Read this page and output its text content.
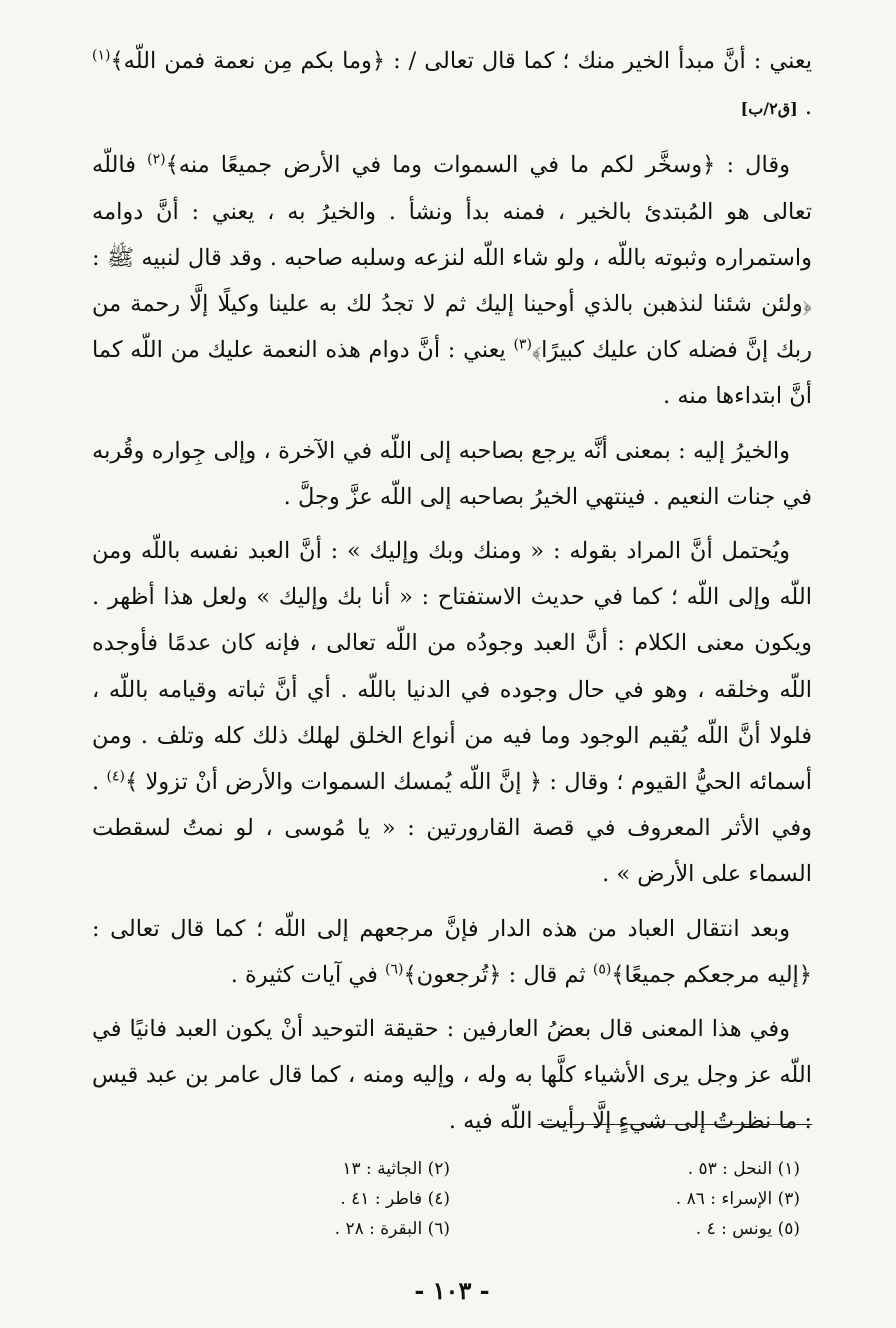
يعني : أنَّ مبدأ الخير منك ؛ كما قال تعالى / : ﴿وما بكم مِن نعمة فمن اللّه﴾$^{(١)}$ . [ق٢/ب]

وقال : ﴿وسخَّر لكم ما في السموات وما في الأرض جميعًا منه﴾$^{(٢)}$ فاللّه تعالى هو المُبتدئ بالخير ، فمنه بدأ ونشأ . والخيرُ به ، يعني : أنَّ دوامه واستمراره وثبوته باللّه ، ولو شاء اللّه لنزعه وسلبه صاحبه . وقد قال لنبيه ﷺ : ﴿ولئن شئنا لنذهبن بالذي أوحينا إليك ثم لا تجدُ لك به علينا وكيلًا إلَّا رحمة من ربك إنَّ فضله كان عليك كبيرًا﴾$^{(٣)}$ يعني : أنَّ دوام هذه النعمة عليك من اللّه كما أنَّ ابتداءها منه .

والخيرُ إليه : بمعنى أنَّه يرجع بصاحبه إلى اللّه في الآخرة ، وإلى جِواره وقُربه في جنات النعيم . فينتهي الخيرُ بصاحبه إلى اللّه عزَّ وجلَّ .

ويُحتمل أنَّ المراد بقوله : « ومنك وبك وإليك » : أنَّ العبد نفسه باللّه ومن اللّه وإلى اللّه ؛ كما في حديث الاستفتاح : « أنا بك وإليك » ولعل هذا أظهر . ويكون معنى الكلام : أنَّ العبد وجودُه من اللّه تعالى ، فإنه كان عدمًا فأوجده اللّه وخلقه ، وهو في حال وجوده في الدنيا باللّه . أي أنَّ ثباته وقيامه باللّه ، فلولا أنَّ اللّه يُقيم الوجود وما فيه من أنواع الخلق لهلك ذلك كله وتلف . ومن أسمائه الحيُّ القيوم ؛ وقال : ﴿ إنَّ اللّه يُمسك السموات والأرض أنْ تزولا ﴾$^{(٤)}$ . وفي الأثر المعروف في قصة القارورتين : « يا مُوسى ، لو نمتُ لسقطت السماء على الأرض » .

وبعد انتقال العباد من هذه الدار فإنَّ مرجعهم إلى اللّه ؛ كما قال تعالى : ﴿إليه مرجعكم جميعًا﴾$^{(٥)}$ ثم قال : ﴿تُرجعون﴾$^{(٦)}$ في آيات كثيرة .

وفي هذا المعنى قال بعضُ العارفين : حقيقة التوحيد أنْ يكون العبد فانيًا في اللّه عز وجل يرى الأشياء كلَّها به وله ، وإليه ومنه ، كما قال عامر بن عبد قيس : ما نظرتُ إلى شيءٍ إلَّا رأيت اللّه فيه .

(١) النحل : ٥٣ .
(٢) الجاثية : ١٣
(٣) الإسراء : ٨٦ .
(٤) فاطر : ٤١ .
(٥) يونس : ٤ .
(٦) البقرة : ٢٨ .
- ١٠٣ -
